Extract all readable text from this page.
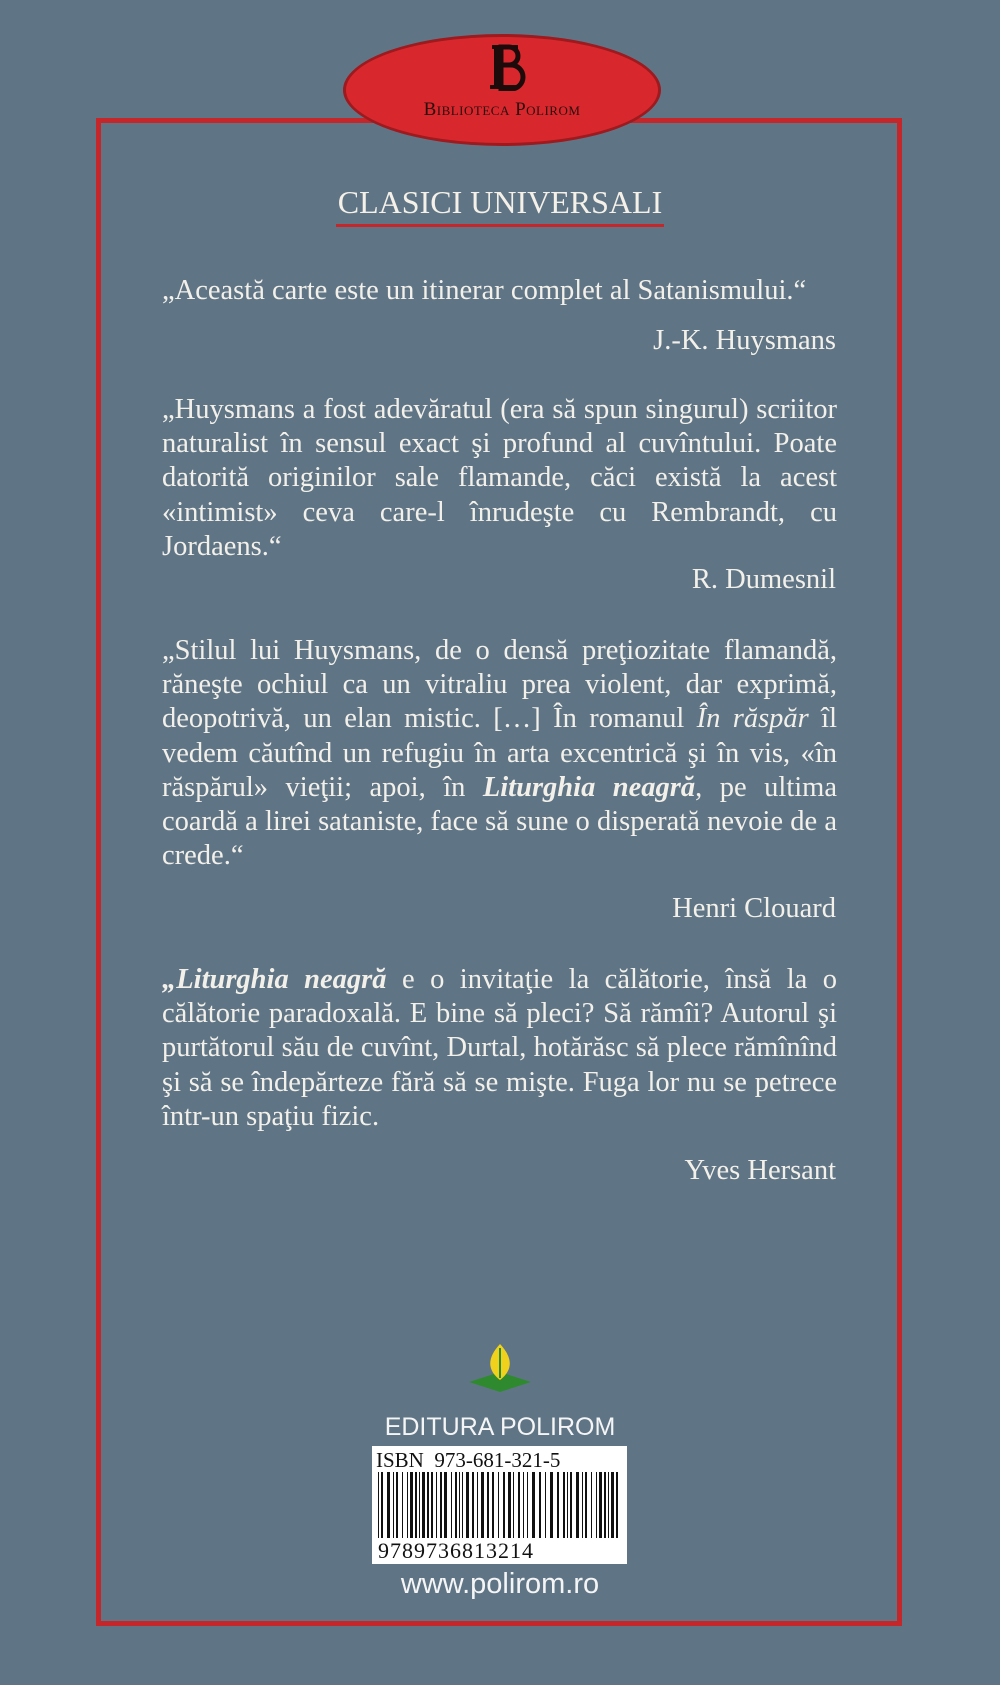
Biblioteca Polirom
CLASICI UNIVERSALI
„Această carte este un itinerar complet al Satanismului.“
J.-K. Huysmans
„Huysmans a fost adevăratul (era să spun singurul) scriitor naturalist în sensul exact şi profund al cuvîntului. Poate datorită originilor sale flamande, căci există la acest «intimist» ceva care-l înrudeşte cu Rembrandt, cu Jordaens.“
R. Dumesnil
„Stilul lui Huysmans, de o densă preţiozitate flamandă, răneşte ochiul ca un vitraliu prea violent, dar exprimă, deopotrivă, un elan mistic. […] În romanul În răspăr îl vedem căutînd un refugiu în arta excentrică şi în vis, «în răspărul» vieţii; apoi, în Liturghia neagră, pe ultima coardă a lirei sataniste, face să sune o disperată nevoie de a crede.“
Henri Clouard
„Liturghia neagră e o invitaţie la călătorie, însă la o călătorie paradoxală. E bine să pleci? Să rămîi? Autorul şi purtătorul său de cuvînt, Durtal, hotărăsc să plece rămînînd şi să se îndepărteze fără să se mişte. Fuga lor nu se petrece într-un spaţiu fizic.
Yves Hersant
EDITURA POLIROM
ISBN  973-681-321-5
9789736813214
www.polirom.ro
